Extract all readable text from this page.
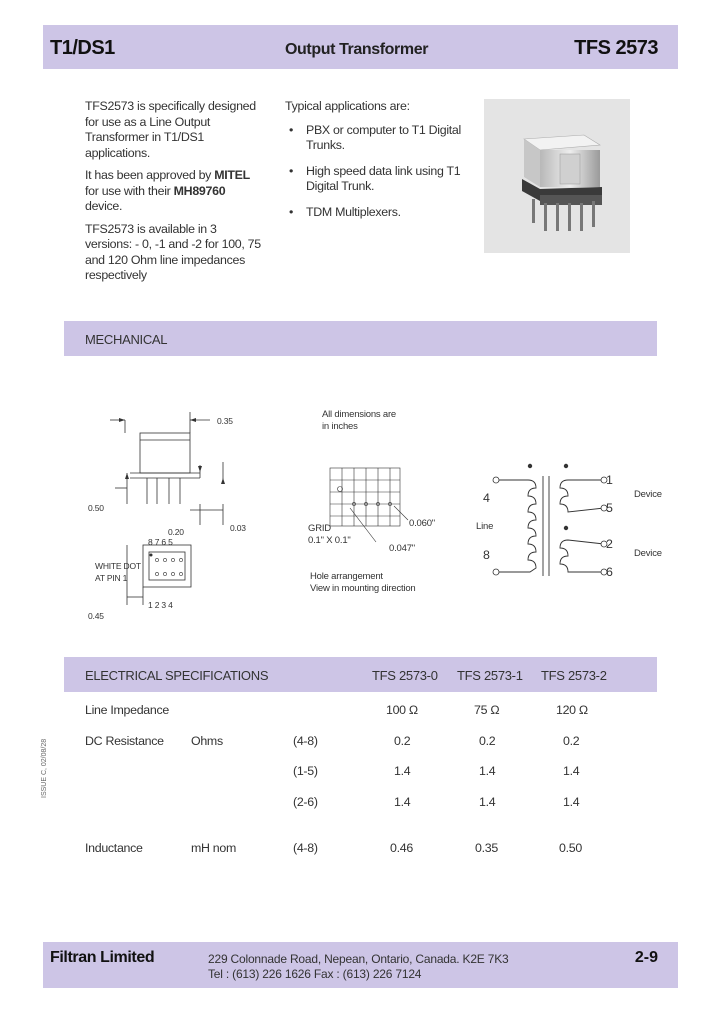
T1/DS1	Output Transformer	TFS 2573

TFS2573 is specifically designed for use as a Line Output Transformer in T1/DS1 applications.

It has been approved by MITEL for use with their MH89760 device.

TFS2573 is available in 3 versions: - 0, -1 and -2 for 100, 75 and 120 Ohm line impedances respectively

Typical applications are:
• PBX or computer to T1 Digital Trunks.
• High speed data link using T1 Digital Trunk.
• TDM Multiplexers.
MECHANICAL
0.35
0.50
0.20	0.03
8 7 6 5
WHITE DOT
AT PIN 1
1 2 3 4
0.45
All dimensions are
in inches
0.060"
0.047"
GRID
0.1" X 0.1"
Hole arrangement
View in mounting direction
4
8
Line
1
5
2
6
Device
Device
ELECTRICAL SPECIFICATIONS	TFS 2573-0 TFS 2573-1 TFS 2573-2
Line Impedance	100 Ω	75 Ω	120 Ω
DC Resistance Ohms	(4-8)	0.2	0.2	0.2
(1-5)	1.4	1.4	1.4
(2-6)	1.4	1.4	1.4
Inductance	mH nom	(4-8)	0.46	0.35	0.50
ISSUE C, 02/08/28
Filtran Limited	229 Colonnade Road, Nepean, Ontario, Canada. K2E 7K3
Tel : (613) 226 1626 Fax : (613) 226 7124
2-9
